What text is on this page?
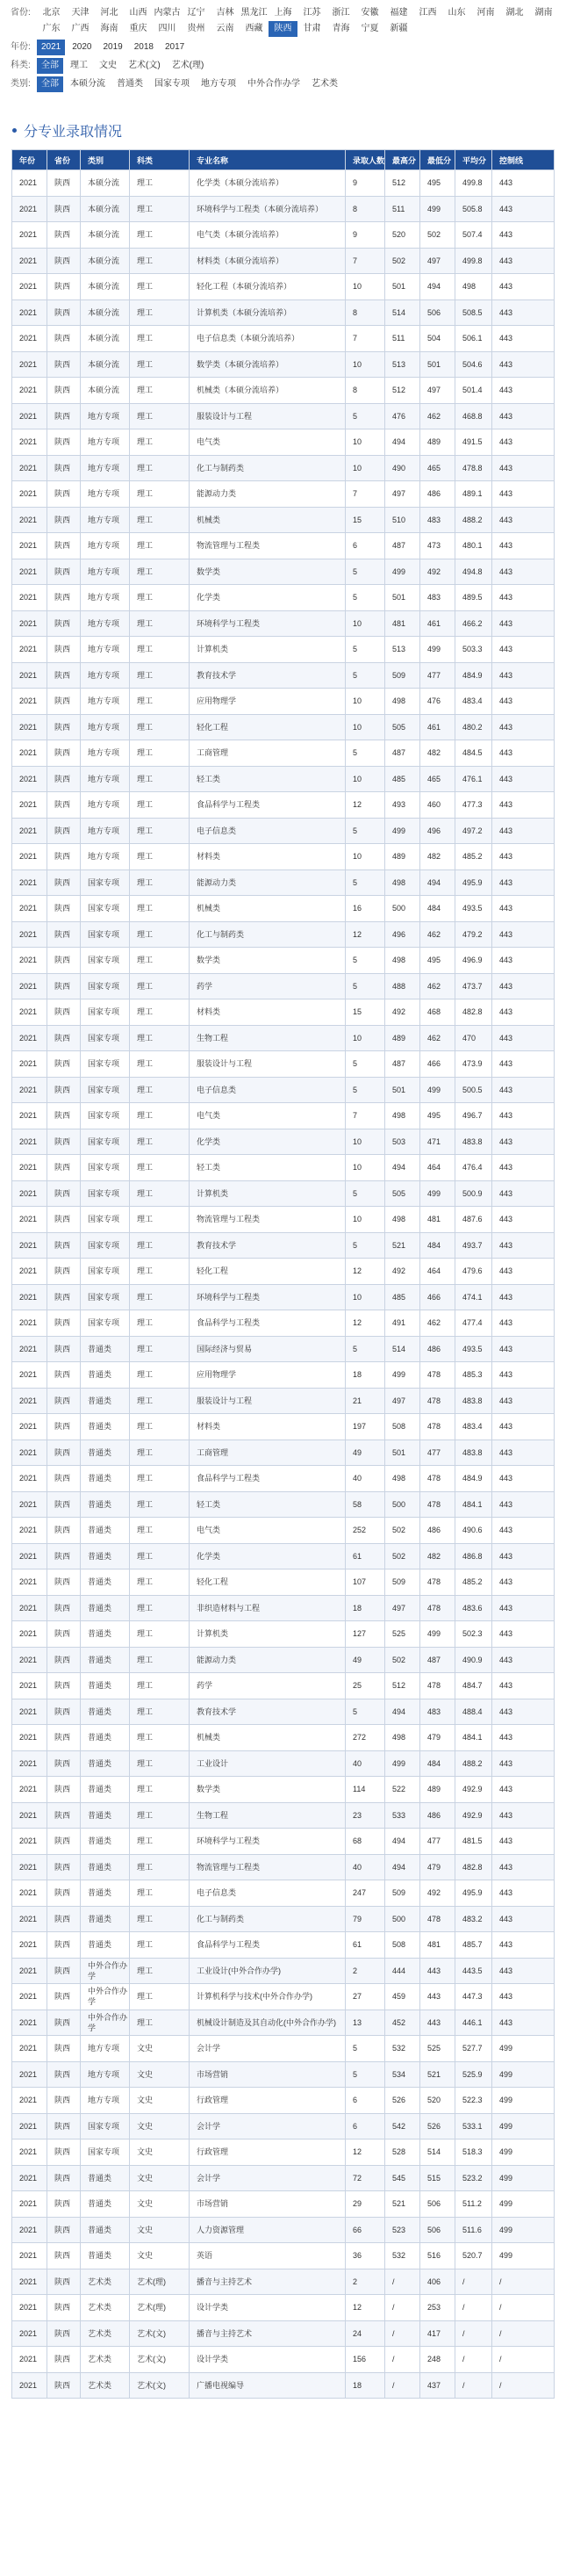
省份:	北京	天津	河北	山西 内蒙古 辽宁	吉林 黑龙江 上海	江苏	浙江	安徽	福建	江西	山东	河南	湖北	湖南
广东	广西	海南	重庆	四川	贵州	云南	西藏	陕西	甘肃	青海	宁夏	新疆
年份:	2021	2020	2019	2018	2017
科类:	全部	理工	文史	艺术(文)	艺术(理)
类别:	全部	本硕分流	普通类	国家专项	地方专项	中外合作办学	艺术类
分专业录取情况
年份	省份	类别	科类	专业名称	录取人数	最高分	最低分	平均分	控制线
2021	陕西	本硕分流	理工	化学类（本硕分流培养）	9	512	495	499.8	443
2021	陕西	本硕分流	理工	环境科学与工程类（本硕分流培养）	8	511	499	505.8	443
2021	陕西	本硕分流	理工	电气类（本硕分流培养）	9	520	502	507.4	443
2021	陕西	本硕分流	理工	材料类（本硕分流培养）	7	502	497	499.8	443
2021	陕西	本硕分流	理工	轻化工程（本硕分流培养）	10	501	494	498	443
2021	陕西	本硕分流	理工	计算机类（本硕分流培养）	8	514	506	508.5	443
2021	陕西	本硕分流	理工	电子信息类（本硕分流培养）	7	511	504	506.1	443
2021	陕西	本硕分流	理工	数学类（本硕分流培养）	10	513	501	504.6	443
2021	陕西	本硕分流	理工	机械类（本硕分流培养）	8	512	497	501.4	443
2021	陕西	地方专项	理工	服装设计与工程	5	476	462	468.8	443
2021	陕西	地方专项	理工	电气类	10	494	489	491.5	443
2021	陕西	地方专项	理工	化工与制药类	10	490	465	478.8	443
2021	陕西	地方专项	理工	能源动力类	7	497	486	489.1	443
2021	陕西	地方专项	理工	机械类	15	510	483	488.2	443
2021	陕西	地方专项	理工	物流管理与工程类	6	487	473	480.1	443
2021	陕西	地方专项	理工	数学类	5	499	492	494.8	443
2021	陕西	地方专项	理工	化学类	5	501	483	489.5	443
2021	陕西	地方专项	理工	环境科学与工程类	10	481	461	466.2	443
2021	陕西	地方专项	理工	计算机类	5	513	499	503.3	443
2021	陕西	地方专项	理工	教育技术学	5	509	477	484.9	443
2021	陕西	地方专项	理工	应用物理学	10	498	476	483.4	443
2021	陕西	地方专项	理工	轻化工程	10	505	461	480.2	443
2021	陕西	地方专项	理工	工商管理	5	487	482	484.5	443
2021	陕西	地方专项	理工	轻工类	10	485	465	476.1	443
2021	陕西	地方专项	理工	食品科学与工程类	12	493	460	477.3	443
2021	陕西	地方专项	理工	电子信息类	5	499	496	497.2	443
2021	陕西	地方专项	理工	材料类	10	489	482	485.2	443
2021	陕西	国家专项	理工	能源动力类	5	498	494	495.9	443
2021	陕西	国家专项	理工	机械类	16	500	484	493.5	443
2021	陕西	国家专项	理工	化工与制药类	12	496	462	479.2	443
2021	陕西	国家专项	理工	数学类	5	498	495	496.9	443
2021	陕西	国家专项	理工	药学	5	488	462	473.7	443
2021	陕西	国家专项	理工	材料类	15	492	468	482.8	443
2021	陕西	国家专项	理工	生物工程	10	489	462	470	443
2021	陕西	国家专项	理工	服装设计与工程	5	487	466	473.9	443
2021	陕西	国家专项	理工	电子信息类	5	501	499	500.5	443
2021	陕西	国家专项	理工	电气类	7	498	495	496.7	443
2021	陕西	国家专项	理工	化学类	10	503	471	483.8	443
2021	陕西	国家专项	理工	轻工类	10	494	464	476.4	443
2021	陕西	国家专项	理工	计算机类	5	505	499	500.9	443
2021	陕西	国家专项	理工	物流管理与工程类	10	498	481	487.6	443
2021	陕西	国家专项	理工	教育技术学	5	521	484	493.7	443
2021	陕西	国家专项	理工	轻化工程	12	492	464	479.6	443
2021	陕西	国家专项	理工	环境科学与工程类	10	485	466	474.1	443
2021	陕西	国家专项	理工	食品科学与工程类	12	491	462	477.4	443
2021	陕西	普通类	理工	国际经济与贸易	5	514	486	493.5	443
2021	陕西	普通类	理工	应用物理学	18	499	478	485.3	443
2021	陕西	普通类	理工	服装设计与工程	21	497	478	483.8	443
2021	陕西	普通类	理工	材料类	197	508	478	483.4	443
2021	陕西	普通类	理工	工商管理	49	501	477	483.8	443
2021	陕西	普通类	理工	食品科学与工程类	40	498	478	484.9	443
2021	陕西	普通类	理工	轻工类	58	500	478	484.1	443
2021	陕西	普通类	理工	电气类	252	502	486	490.6	443
2021	陕西	普通类	理工	化学类	61	502	482	486.8	443
2021	陕西	普通类	理工	轻化工程	107	509	478	485.2	443
2021	陕西	普通类	理工	非织造材料与工程	18	497	478	483.6	443
2021	陕西	普通类	理工	计算机类	127	525	499	502.3	443
2021	陕西	普通类	理工	能源动力类	49	502	487	490.9	443
2021	陕西	普通类	理工	药学	25	512	478	484.7	443
2021	陕西	普通类	理工	教育技术学	5	494	483	488.4	443
2021	陕西	普通类	理工	机械类	272	498	479	484.1	443
2021	陕西	普通类	理工	工业设计	40	499	484	488.2	443
2021	陕西	普通类	理工	数学类	114	522	489	492.9	443
2021	陕西	普通类	理工	生物工程	23	533	486	492.9	443
2021	陕西	普通类	理工	环境科学与工程类	68	494	477	481.5	443
2021	陕西	普通类	理工	物流管理与工程类	40	494	479	482.8	443
2021	陕西	普通类	理工	电子信息类	247	509	492	495.9	443
2021	陕西	普通类	理工	化工与制药类	79	500	478	483.2	443
2021	陕西	普通类	理工	食品科学与工程类	61	508	481	485.7	443
2021	陕西	中外合作办学	理工	工业设计(中外合作办学)	2	444	443	443.5	443
2021	陕西	中外合作办学	理工	计算机科学与技术(中外合作办学)	27	459	443	447.3	443
2021	陕西	中外合作办学	理工	机械设计制造及其自动化(中外合作办学)	13	452	443	446.1	443
2021	陕西	地方专项	文史	会计学	5	532	525	527.7	499
2021	陕西	地方专项	文史	市场营销	5	534	521	525.9	499
2021	陕西	地方专项	文史	行政管理	6	526	520	522.3	499
2021	陕西	国家专项	文史	会计学	6	542	526	533.1	499
2021	陕西	国家专项	文史	行政管理	12	528	514	518.3	499
2021	陕西	普通类	文史	会计学	72	545	515	523.2	499
2021	陕西	普通类	文史	市场营销	29	521	506	511.2	499
2021	陕西	普通类	文史	人力资源管理	66	523	506	511.6	499
2021	陕西	普通类	文史	英语	36	532	516	520.7	499
2021	陕西	艺术类	艺术(理)	播音与主持艺术	2	/	406	/	/
2021	陕西	艺术类	艺术(理)	设计学类	12	/	253	/	/
2021	陕西	艺术类	艺术(文)	播音与主持艺术	24	/	417	/	/
2021	陕西	艺术类	艺术(文)	设计学类	156	/	248	/	/
2021	陕西	艺术类	艺术(文)	广播电视编导	18	/	437	/	/
